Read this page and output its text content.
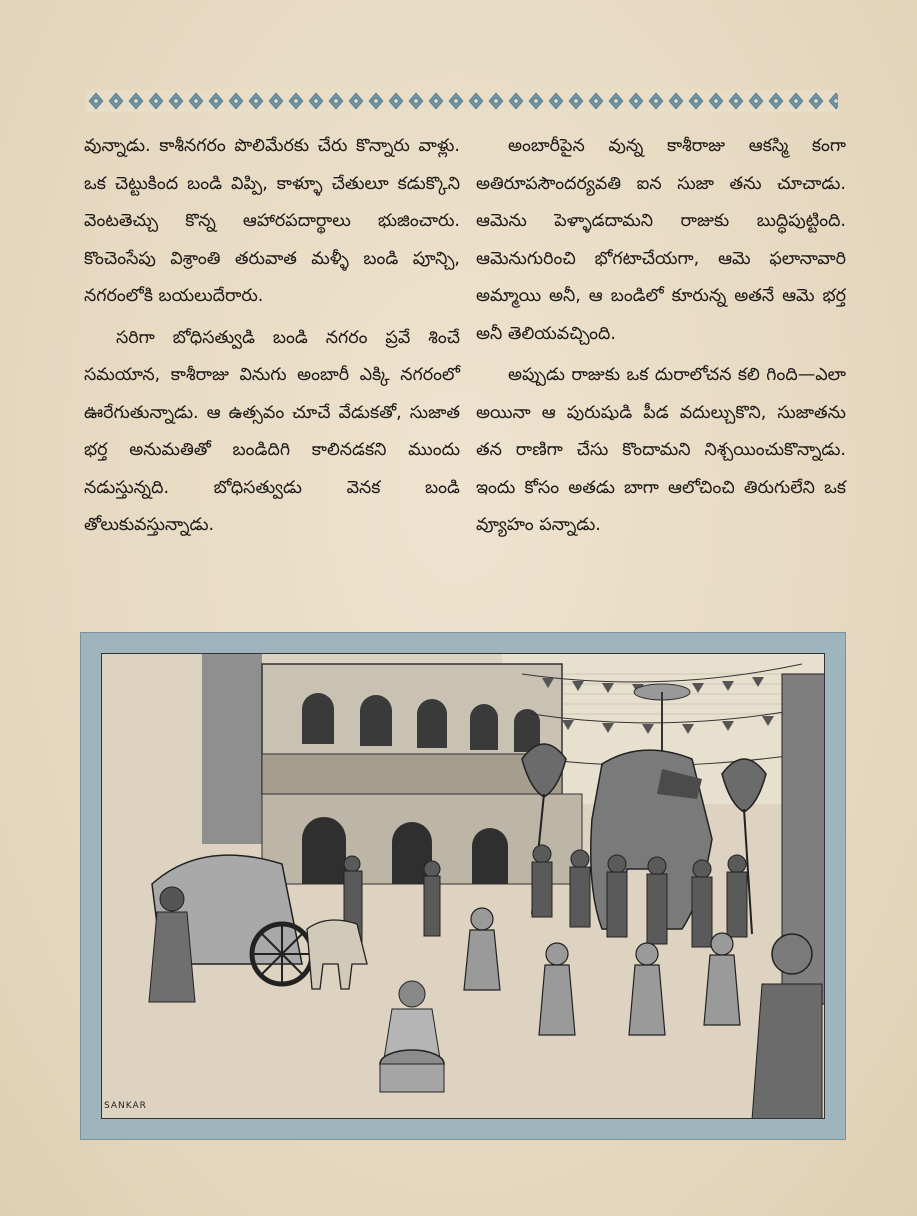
వున్నాడు. కాశీనగరం పొలిమేరకు చేరు కొన్నారు వాళ్లు. ఒక చెట్టుకింద బండి విప్పి, కాళ్ళూ చేతులూ కడుక్కొని వెంటతెచ్చు కొన్న ఆహారపదార్థాలు భుజించారు. కొంచెంసేపు విశ్రాంతి తరువాత మళ్ళీ బండి పూన్చి, నగరంలోకి బయలుదేరారు.

సరిగా బోధిసత్వుడి బండి నగరం ప్రవే శించే సమయాన, కాశీరాజు వినుగు అంబారీ ఎక్కి నగరంలో ఊరేగుతున్నాడు. ఆ ఉత్సవం చూచే వేడుకతో, సుజాత భర్త అనుమతితో బండిదిగి కాలినడకని ముందు నడుస్తున్నది. బోధిసత్వుడు వెనక బండి తోలుకువస్తున్నాడు.

అంబారీపైన వున్న కాశీరాజు ఆకస్మి కంగా అతిరూపసౌందర్యవతి ఐన సుజా తను చూచాడు. ఆమెను పెళ్ళాడదామని రాజుకు బుద్ధిపుట్టింది. ఆమెనుగురించి భోగటాచేయగా, ఆమె ఫలానావారి అమ్మాయి అనీ, ఆ బండిలో కూరున్న అతనే ఆమె భర్త అనీ తెలియవచ్చింది.

అప్పుడు రాజుకు ఒక దురాలోచన కలి గింది—ఎలా అయినా ఆ పురుషుడి పీడ వదుల్చుకొని, సుజాతను తన రాణిగా చేసు కొందామని నిశ్చయించుకొన్నాడు. ఇందు కోసం అతడు బాగా ఆలోచించి తిరుగులేని ఒక వ్యూహం పన్నాడు.

SANKAR
